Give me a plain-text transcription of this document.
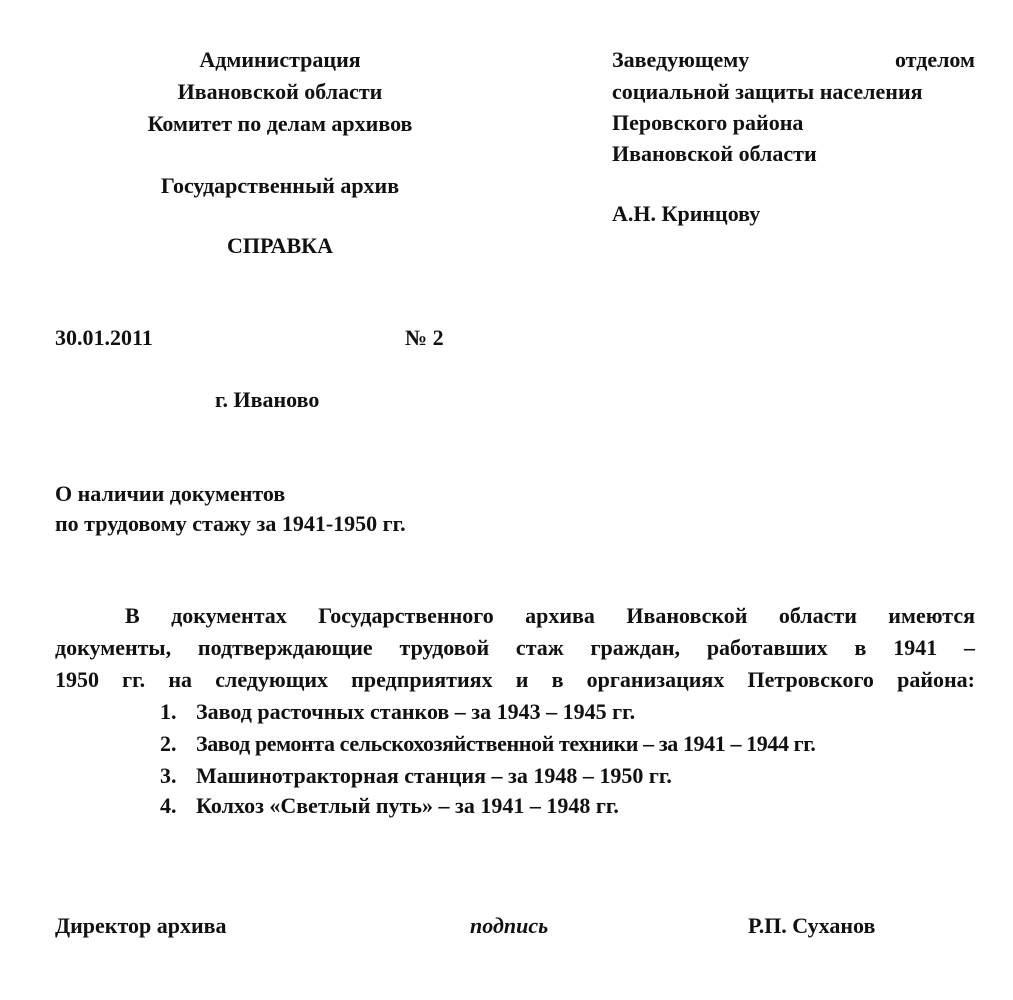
Администрация
Ивановской области
Комитет по делам архивов
Государственный архив
СПРАВКА
Заведующему	отделом
социальной защиты населения
Перовского района
Ивановской области
А.Н. Кринцову
30.01.2011	№ 2
г. Иваново
О наличии документов
по трудовому стажу за 1941-1950 гг.
В документах Государственного архива Ивановской области имеются
документы, подтверждающие трудовой стаж граждан, работавших в 1941 –
1950 гг. на следующих предприятиях и в организациях Петровского района:
1. Завод расточных станков – за 1943 – 1945 гг.
2. Завод ремонта сельскохозяйственной техники – за 1941 – 1944 гг.
3. Машинотракторная станция – за 1948 – 1950 гг.
4. Колхоз «Светлый путь» – за 1941 – 1948 гг.
Директор архива	подпись	Р.П. Суханов
